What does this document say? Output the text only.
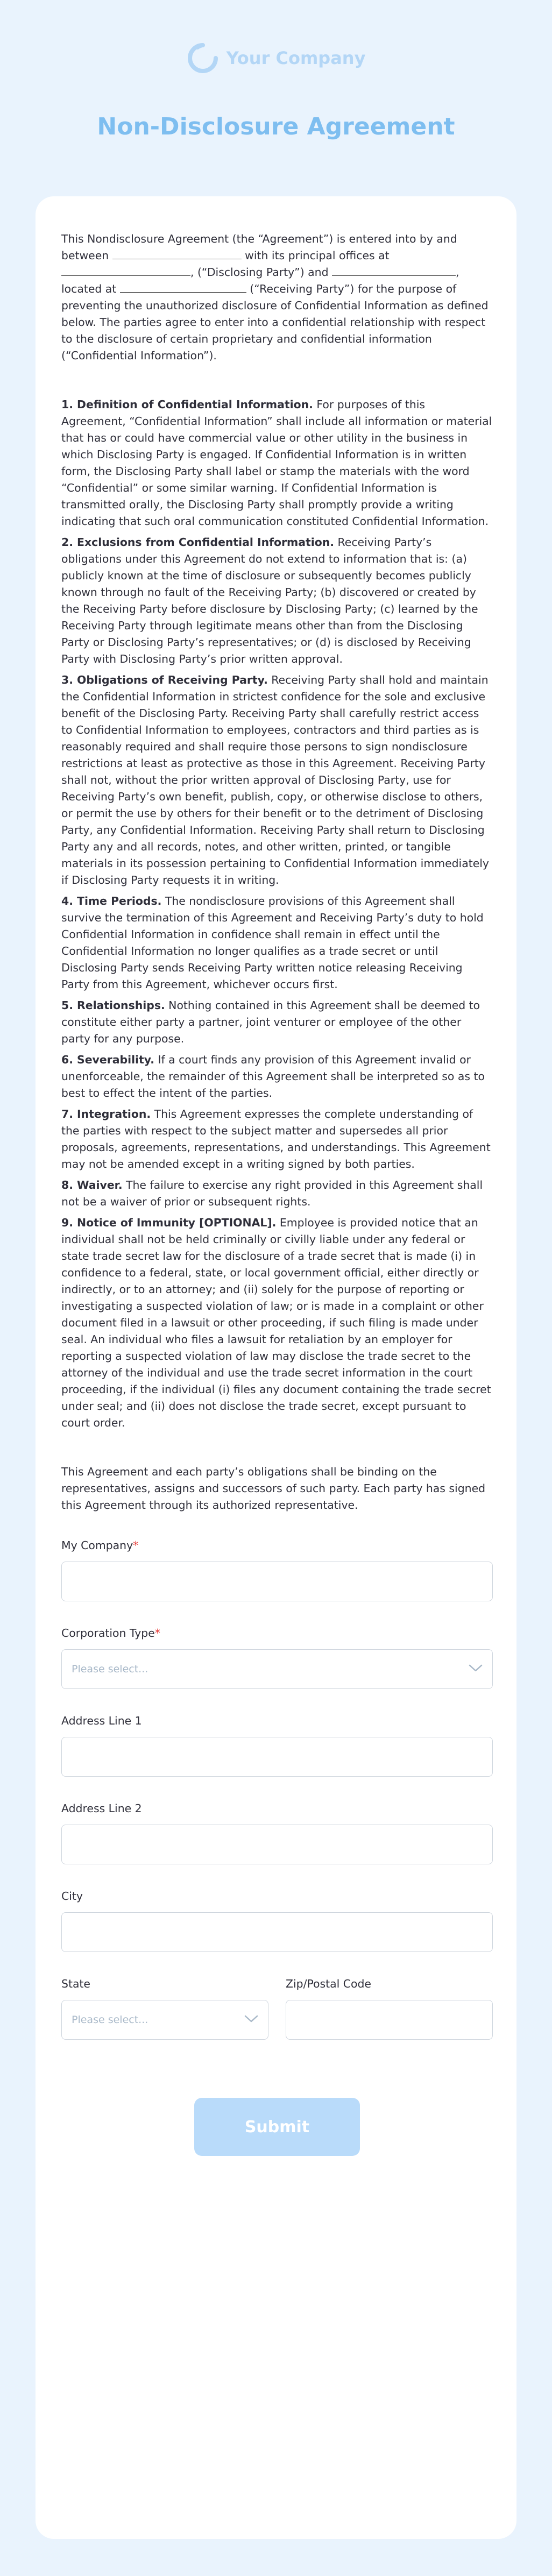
Your Company
Non-Disclosure Agreement

This Nondisclosure Agreement (the “Agreement”) is entered into by and between	with its principal offices at , (“Disclosing Party”) and	, located at	(“Receiving Party”) for the purpose of preventing the unauthorized disclosure of Confidential Information as defined below. The parties agree to enter into a confidential relationship with respect to the disclosure of certain proprietary and confidential information (“Confidential Information”).

1. Definition of Confidential Information. For purposes of this Agreement, “Confidential Information” shall include all information or material that has or could have commercial value or other utility in the business in which Disclosing Party is engaged. If Confidential Information is in written form, the Disclosing Party shall label or stamp the materials with the word “Confidential” or some similar warning. If Confidential Information is transmitted orally, the Disclosing Party shall promptly provide a writing indicating that such oral communication constituted Confidential Information.

2. Exclusions from Confidential Information. Receiving Party’s obligations under this Agreement do not extend to information that is: (a) publicly known at the time of disclosure or subsequently becomes publicly known through no fault of the Receiving Party; (b) discovered or created by the Receiving Party before disclosure by Disclosing Party; (c) learned by the Receiving Party through legitimate means other than from the Disclosing Party or Disclosing Party’s representatives; or (d) is disclosed by Receiving Party with Disclosing Party’s prior written approval.

3. Obligations of Receiving Party. Receiving Party shall hold and maintain the Confidential Information in strictest confidence for the sole and exclusive benefit of the Disclosing Party. Receiving Party shall carefully restrict access to Confidential Information to employees, contractors and third parties as is reasonably required and shall require those persons to sign nondisclosure restrictions at least as protective as those in this Agreement. Receiving Party shall not, without the prior written approval of Disclosing Party, use for Receiving Party’s own benefit, publish, copy, or otherwise disclose to others, or permit the use by others for their benefit or to the detriment of Disclosing Party, any Confidential Information. Receiving Party shall return to Disclosing Party any and all records, notes, and other written, printed, or tangible materials in its possession pertaining to Confidential Information immediately if Disclosing Party requests it in writing.

4. Time Periods. The nondisclosure provisions of this Agreement shall survive the termination of this Agreement and Receiving Party’s duty to hold Confidential Information in confidence shall remain in effect until the Confidential Information no longer qualifies as a trade secret or until Disclosing Party sends Receiving Party written notice releasing Receiving Party from this Agreement, whichever occurs first.

5. Relationships. Nothing contained in this Agreement shall be deemed to constitute either party a partner, joint venturer or employee of the other party for any purpose.

6. Severability. If a court finds any provision of this Agreement invalid or unenforceable, the remainder of this Agreement shall be interpreted so as to best to effect the intent of the parties.

7. Integration. This Agreement expresses the complete understanding of the parties with respect to the subject matter and supersedes all prior proposals, agreements, representations, and understandings. This Agreement may not be amended except in a writing signed by both parties.

8. Waiver. The failure to exercise any right provided in this Agreement shall not be a waiver of prior or subsequent rights.

9. Notice of Immunity [OPTIONAL]. Employee is provided notice that an individual shall not be held criminally or civilly liable under any federal or state trade secret law for the disclosure of a trade secret that is made (i) in confidence to a federal, state, or local government official, either directly or indirectly, or to an attorney; and (ii) solely for the purpose of reporting or investigating a suspected violation of law; or is made in a complaint or other document filed in a lawsuit or other proceeding, if such filing is made under seal. An individual who files a lawsuit for retaliation by an employer for reporting a suspected violation of law may disclose the trade secret to the attorney of the individual and use the trade secret information in the court proceeding, if the individual (i) files any document containing the trade secret under seal; and (ii) does not disclose the trade secret, except pursuant to court order.

This Agreement and each party’s obligations shall be binding on the representatives, assigns and successors of such party. Each party has signed this Agreement through its authorized representative.

My Company*
Corporation Type*
Please select...
Address Line 1
Address Line 2
City
State
Please select...
Zip/Postal Code
Submit
